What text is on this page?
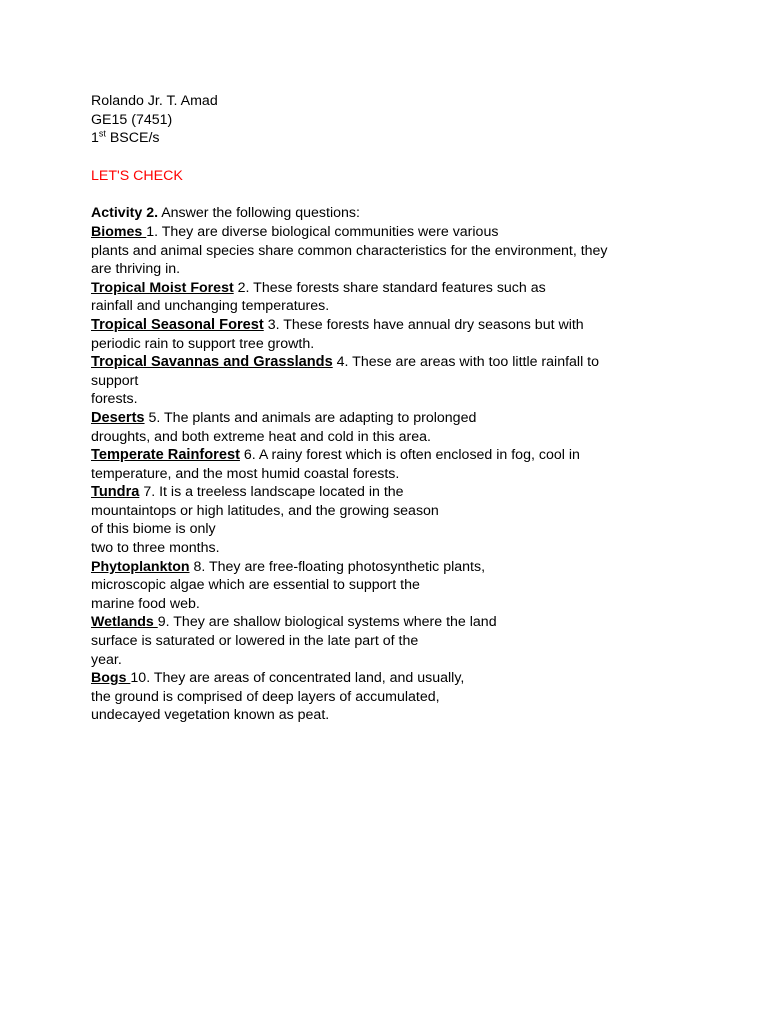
Rolando Jr. T. Amad
GE15 (7451)
1st BSCE/s
LET'S CHECK
Activity 2. Answer the following questions:
Biomes 1. They are diverse biological communities were various
plants and animal species share common characteristics for the environment, they
are thriving in.
Tropical Moist Forest 2. These forests share standard features such as
rainfall and unchanging temperatures.
Tropical Seasonal Forest 3. These forests have annual dry seasons but with
periodic rain to support tree growth.
Tropical Savannas and Grasslands 4. These are areas with too little rainfall to
support
forests.
Deserts 5. The plants and animals are adapting to prolonged
droughts, and both extreme heat and cold in this area.
Temperate Rainforest 6. A rainy forest which is often enclosed in fog, cool in
temperature, and the most humid coastal forests.
Tundra 7. It is a treeless landscape located in the
mountaintops or high latitudes, and the growing season
of this biome is only
two to three months.
Phytoplankton 8. They are free-floating photosynthetic plants,
microscopic algae which are essential to support the
marine food web.
Wetlands 9. They are shallow biological systems where the land
surface is saturated or lowered in the late part of the
year.
Bogs 10. They are areas of concentrated land, and usually,
the ground is comprised of deep layers of accumulated,
undecayed vegetation known as peat.
